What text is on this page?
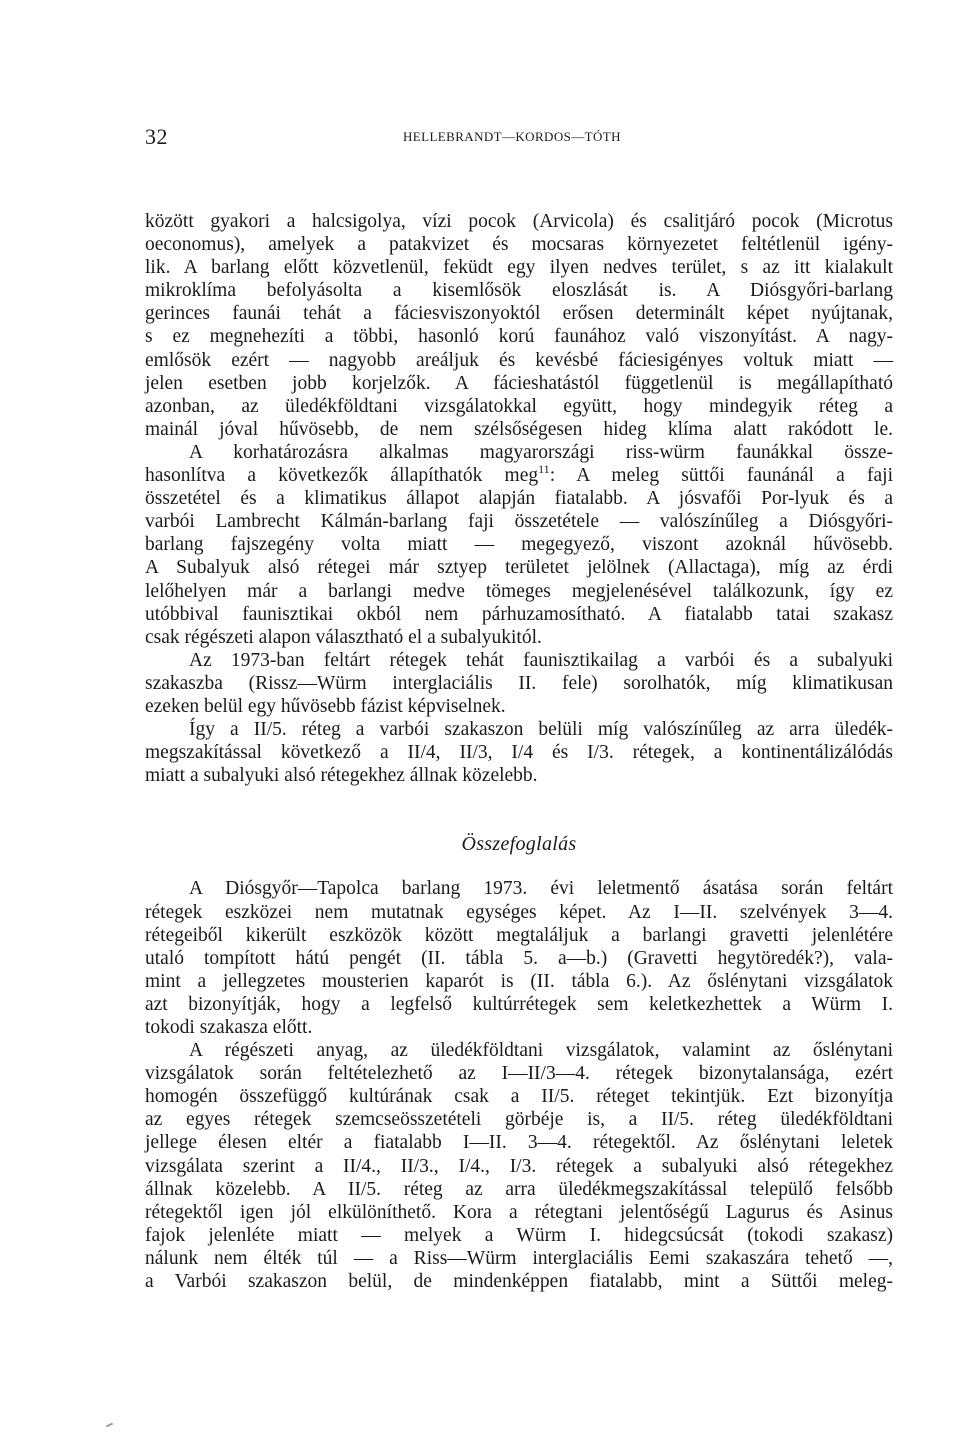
32	HELLEBRANDT—KORDOS—TÓTH
között gyakori a halcsigolya, vízi pocok (Arvicola) és csalitjáró pocok (Microtus
oeconomus), amelyek a patakvizet és mocsaras környezetet feltétlenül igény-
lik. A barlang előtt közvetlenül, feküdt egy ilyen nedves terület, s az itt kialakult
mikroklíma befolyásolta a kisemlősök eloszlását is. A Diósgyőri-barlang
gerinces faunái tehát a fáciesviszonyoktól erősen determinált képet nyújtanak,
s ez megnehezíti a többi, hasonló korú faunához való viszonyítást. A nagy-
emlősök ezért — nagyobb areáljuk és kevésbé fáciesigényes voltuk miatt —
jelen esetben jobb korjelzők. A fácieshatástól függetlenül is megállapítható
azonban, az üledékföldtani vizsgálatokkal együtt, hogy mindegyik réteg a
mainál jóval hűvösebb, de nem szélsőségesen hideg klíma alatt rakódott le.
A korhatározásra alkalmas magyarországi riss-würm faunákkal össze-
hasonlítva a következők állapíthatók meg$^{11}$: A meleg süttői faunánál a faji
összetétel és a klimatikus állapot alapján fiatalabb. A jósvafői Por-lyuk és a
varbói Lambrecht Kálmán-barlang faji összetétele — valószínűleg a Diósgyőri-
barlang fajszegény volta miatt — megegyező, viszont azoknál hűvösebb.
A Subalyuk alsó rétegei már sztyep területet jelölnek (Allactaga), míg az érdi
lelőhelyen már a barlangi medve tömeges megjelenésével találkozunk, így ez
utóbbival faunisztikai okból nem párhuzamosítható. A fiatalabb tatai szakasz
csak régészeti alapon választható el a subalyukitól.
Az 1973-ban feltárt rétegek tehát faunisztikailag a varbói és a subalyuki
szakaszba (Rissz—Würm interglaciális II. fele) sorolhatók, míg klimatikusan
ezeken belül egy hűvösebb fázist képviselnek.
Így a II/5. réteg a varbói szakaszon belüli míg valószínűleg az arra üledék-
megszakítással következő a II/4, II/3, I/4 és I/3. rétegek, a kontinentálizálódás
miatt a subalyuki alsó rétegekhez állnak közelebb.
Összefoglalás
A Diósgyőr—Tapolca barlang 1973. évi leletmentő ásatása során feltárt
rétegek eszközei nem mutatnak egységes képet. Az I—II. szelvények 3—4.
rétegeiből kikerült eszközök között megtaláljuk a barlangi gravetti jelenlétére
utaló tompított hátú pengét (II. tábla 5. a—b.) (Gravetti hegytöredék?), vala-
mint a jellegzetes mousterien kaparót is (II. tábla 6.). Az őslénytani vizsgálatok
azt bizonyítják, hogy a legfelső kultúrrétegek sem keletkezhettek a Würm I.
tokodi szakasza előtt.
A régészeti anyag, az üledékföldtani vizsgálatok, valamint az őslénytani
vizsgálatok során feltételezhető az I—II/3—4. rétegek bizonytalansága, ezért
homogén összefüggő kultúrának csak a II/5. réteget tekintjük. Ezt bizonyítja
az egyes rétegek szemcseösszetételi görbéje is, a II/5. réteg üledékföldtani
jellege élesen eltér a fiatalabb I—II. 3—4. rétegektől. Az őslénytani leletek
vizsgálata szerint a II/4., II/3., I/4., I/3. rétegek a subalyuki alsó rétegekhez
állnak közelebb. A II/5. réteg az arra üledékmegszakítással települő felsőbb
rétegektől igen jól elkülöníthető. Kora a rétegtani jelentőségű Lagurus és Asinus
fajok jelenléte miatt — melyek a Würm I. hidegcsúcsát (tokodi szakasz)
nálunk nem élték túl — a Riss—Würm interglaciális Eemi szakaszára tehető —,
a Varbói szakaszon belül, de mindenképpen fiatalabb, mint a Süttői meleg-
